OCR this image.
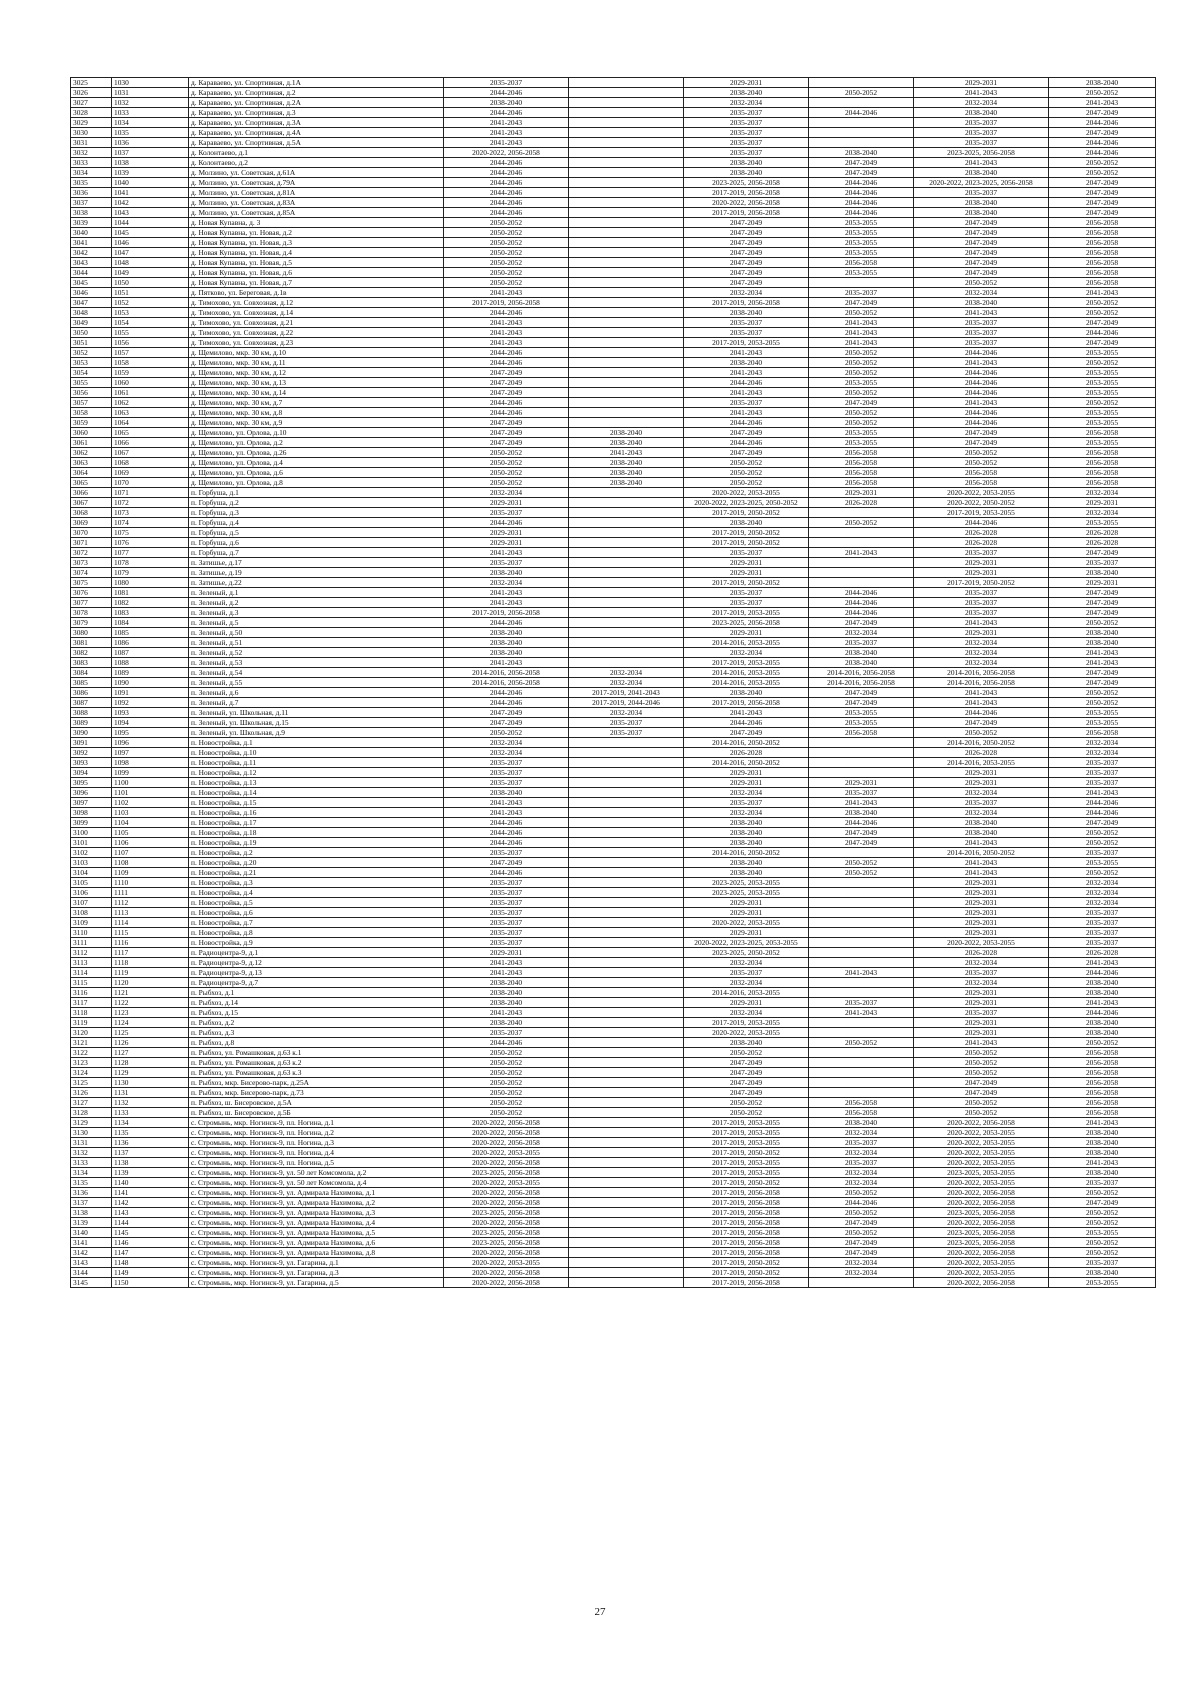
3025	1030	д. Караваево, ул. Спортивная, д.1А	2035-2037		2029-2031		2029-2031	2038-2040
3026	1031	д. Караваево, ул. Спортивная, д.2	2044-2046		2038-2040	2050-2052	2041-2043	2050-2052
3027	1032	д. Караваево, ул. Спортивная, д.2А	2038-2040		2032-2034		2032-2034	2041-2043
3028	1033	д. Караваево, ул. Спортивная, д.3	2044-2046		2035-2037	2044-2046	2038-2040	2047-2049
3029	1034	д. Караваево, ул. Спортивная, д.3А	2041-2043		2035-2037		2035-2037	2044-2046
3030	1035	д. Караваево, ул. Спортивная, д.4А	2041-2043		2035-2037		2035-2037	2047-2049
3031	1036	д. Караваево, ул. Спортивная, д.5А	2041-2043		2035-2037		2035-2037	2044-2046
3032	1037	д. Колонтаево, д.1	2020-2022, 2056-2058		2035-2037	2038-2040	2023-2025, 2056-2058	2044-2046
3033	1038	д. Колонтаево, д.2	2044-2046		2038-2040	2047-2049	2041-2043	2050-2052
3034	1039	д. Молзино, ул. Советская, д.61А	2044-2046		2038-2040	2047-2049	2038-2040	2050-2052
3035	1040	д. Молзино, ул. Советская, д.79А	2044-2046		2023-2025, 2056-2058	2044-2046	2020-2022, 2023-2025, 2056-2058	2047-2049
3036	1041	д. Молзино, ул. Советская, д.81А	2044-2046		2017-2019, 2056-2058	2044-2046	2035-2037	2047-2049
3037	1042	д. Молзино, ул. Советская, д.83А	2044-2046		2020-2022, 2056-2058	2044-2046	2038-2040	2047-2049
3038	1043	д. Молзино, ул. Советская, д.85А	2044-2046		2017-2019, 2056-2058	2044-2046	2038-2040	2047-2049
3039	1044	д. Новая Купавна, д. 3	2050-2052		2047-2049	2053-2055	2047-2049	2056-2058
3040	1045	д. Новая Купавна, ул. Новая, д.2	2050-2052		2047-2049	2053-2055	2047-2049	2056-2058
3041	1046	д. Новая Купавна, ул. Новая, д.3	2050-2052		2047-2049	2053-2055	2047-2049	2056-2058
3042	1047	д. Новая Купавна, ул. Новая, д.4	2050-2052		2047-2049	2053-2055	2047-2049	2056-2058
3043	1048	д. Новая Купавна, ул. Новая, д.5	2050-2052		2047-2049	2056-2058	2047-2049	2056-2058
3044	1049	д. Новая Купавна, ул. Новая, д.6	2050-2052		2047-2049	2053-2055	2047-2049	2056-2058
3045	1050	д. Новая Купавна, ул. Новая, д.7	2050-2052		2047-2049		2050-2052	2056-2058
3046	1051	д. Пятково, ул. Береговая, д.1в	2041-2043		2032-2034	2035-2037	2032-2034	2041-2043
3047	1052	д. Тимохово, ул. Совхозная, д.12	2017-2019, 2056-2058		2017-2019, 2056-2058	2047-2049	2038-2040	2050-2052
3048	1053	д. Тимохово, ул. Совхозная, д.14	2044-2046		2038-2040	2050-2052	2041-2043	2050-2052
3049	1054	д. Тимохово, ул. Совхозная, д.21	2041-2043		2035-2037	2041-2043	2035-2037	2047-2049
3050	1055	д. Тимохово, ул. Совхозная, д.22	2041-2043		2035-2037	2041-2043	2035-2037	2044-2046
3051	1056	д. Тимохово, ул. Совхозная, д.23	2041-2043		2017-2019, 2053-2055	2041-2043	2035-2037	2047-2049
3052	1057	д. Щемилово, мкр. 30 км, д.10	2044-2046		2041-2043	2050-2052	2044-2046	2053-2055
3053	1058	д. Щемилово, мкр. 30 км, д.11	2044-2046		2038-2040	2050-2052	2041-2043	2050-2052
3054	1059	д. Щемилово, мкр. 30 км, д.12	2047-2049		2041-2043	2050-2052	2044-2046	2053-2055
3055	1060	д. Щемилово, мкр. 30 км, д.13	2047-2049		2044-2046	2053-2055	2044-2046	2053-2055
3056	1061	д. Щемилово, мкр. 30 км, д.14	2047-2049		2041-2043	2050-2052	2044-2046	2053-2055
3057	1062	д. Щемилово, мкр. 30 км, д.7	2044-2046		2035-2037	2047-2049	2041-2043	2050-2052
3058	1063	д. Щемилово, мкр. 30 км, д.8	2044-2046		2041-2043	2050-2052	2044-2046	2053-2055
3059	1064	д. Щемилово, мкр. 30 км, д.9	2047-2049		2044-2046	2050-2052	2044-2046	2053-2055
3060	1065	д. Щемилово, ул. Орлова, д.10	2047-2049	2038-2040	2047-2049	2053-2055	2047-2049	2056-2058
3061	1066	д. Щемилово, ул. Орлова, д.2	2047-2049	2038-2040	2044-2046	2053-2055	2047-2049	2053-2055
3062	1067	д. Щемилово, ул. Орлова, д.26	2050-2052	2041-2043	2047-2049	2056-2058	2050-2052	2056-2058
3063	1068	д. Щемилово, ул. Орлова, д.4	2050-2052	2038-2040	2050-2052	2056-2058	2050-2052	2056-2058
3064	1069	д. Щемилово, ул. Орлова, д.6	2050-2052	2038-2040	2050-2052	2056-2058	2056-2058	2056-2058
3065	1070	д. Щемилово, ул. Орлова, д.8	2050-2052	2038-2040	2050-2052	2056-2058	2056-2058	2056-2058
3066	1071	п. Горбуша, д.1	2032-2034		2020-2022, 2053-2055	2029-2031	2020-2022, 2053-2055	2032-2034
3067	1072	п. Горбуша, д.2	2029-2031		2020-2022, 2023-2025, 2050-2052	2026-2028	2020-2022, 2050-2052	2029-2031
3068	1073	п. Горбуша, д.3	2035-2037		2017-2019, 2050-2052		2017-2019, 2053-2055	2032-2034
3069	1074	п. Горбуша, д.4	2044-2046		2038-2040	2050-2052	2044-2046	2053-2055
3070	1075	п. Горбуша, д.5	2029-2031		2017-2019, 2050-2052		2026-2028	2026-2028
3071	1076	п. Горбуша, д.6	2029-2031		2017-2019, 2050-2052		2026-2028	2026-2028
3072	1077	п. Горбуша, д.7	2041-2043		2035-2037	2041-2043	2035-2037	2047-2049
3073	1078	п. Затишье, д.17	2035-2037		2029-2031		2029-2031	2035-2037
3074	1079	п. Затишье, д.19	2038-2040		2029-2031		2029-2031	2038-2040
3075	1080	п. Затишье, д.22	2032-2034		2017-2019, 2050-2052		2017-2019, 2050-2052	2029-2031
3076	1081	п. Зеленый, д.1	2041-2043		2035-2037	2044-2046	2035-2037	2047-2049
3077	1082	п. Зеленый, д.2	2041-2043		2035-2037	2044-2046	2035-2037	2047-2049
3078	1083	п. Зеленый, д.3	2017-2019, 2056-2058		2017-2019, 2053-2055	2044-2046	2035-2037	2047-2049
3079	1084	п. Зеленый, д.5	2044-2046		2023-2025, 2056-2058	2047-2049	2041-2043	2050-2052
3080	1085	п. Зеленый, д.50	2038-2040		2029-2031	2032-2034	2029-2031	2038-2040
3081	1086	п. Зеленый, д.51	2038-2040		2014-2016, 2053-2055	2035-2037	2032-2034	2038-2040
3082	1087	п. Зеленый, д.52	2038-2040		2032-2034	2038-2040	2032-2034	2041-2043
3083	1088	п. Зеленый, д.53	2041-2043		2017-2019, 2053-2055	2038-2040	2032-2034	2041-2043
3084	1089	п. Зеленый, д.54	2014-2016, 2056-2058	2032-2034	2014-2016, 2053-2055	2014-2016, 2056-2058	2014-2016, 2056-2058	2047-2049
3085	1090	п. Зеленый, д.55	2014-2016, 2056-2058	2032-2034	2014-2016, 2053-2055	2014-2016, 2056-2058	2014-2016, 2056-2058	2047-2049
3086	1091	п. Зеленый, д.6	2044-2046	2017-2019, 2041-2043	2038-2040	2047-2049	2041-2043	2050-2052
3087	1092	п. Зеленый, д.7	2044-2046	2017-2019, 2044-2046	2017-2019, 2056-2058	2047-2049	2041-2043	2050-2052
3088	1093	п. Зеленый, ул. Школьная, д.11	2047-2049	2032-2034	2041-2043	2053-2055	2044-2046	2053-2055
3089	1094	п. Зеленый, ул. Школьная, д.15	2047-2049	2035-2037	2044-2046	2053-2055	2047-2049	2053-2055
3090	1095	п. Зеленый, ул. Школьная, д.9	2050-2052	2035-2037	2047-2049	2056-2058	2050-2052	2056-2058
3091	1096	п. Новостройка, д.1	2032-2034		2014-2016, 2050-2052		2014-2016, 2050-2052	2032-2034
3092	1097	п. Новостройка, д.10	2032-2034		2026-2028		2026-2028	2032-2034
3093	1098	п. Новостройка, д.11	2035-2037		2014-2016, 2050-2052		2014-2016, 2053-2055	2035-2037
3094	1099	п. Новостройка, д.12	2035-2037		2029-2031		2029-2031	2035-2037
3095	1100	п. Новостройка, д.13	2035-2037		2029-2031	2029-2031	2029-2031	2035-2037
3096	1101	п. Новостройка, д.14	2038-2040		2032-2034	2035-2037	2032-2034	2041-2043
3097	1102	п. Новостройка, д.15	2041-2043		2035-2037	2041-2043	2035-2037	2044-2046
3098	1103	п. Новостройка, д.16	2041-2043		2032-2034	2038-2040	2032-2034	2044-2046
3099	1104	п. Новостройка, д.17	2044-2046		2038-2040	2044-2046	2038-2040	2047-2049
3100	1105	п. Новостройка, д.18	2044-2046		2038-2040	2047-2049	2038-2040	2050-2052
3101	1106	п. Новостройка, д.19	2044-2046		2038-2040	2047-2049	2041-2043	2050-2052
3102	1107	п. Новостройка, д.2	2035-2037		2014-2016, 2050-2052		2014-2016, 2050-2052	2035-2037
3103	1108	п. Новостройка, д.20	2047-2049		2038-2040	2050-2052	2041-2043	2053-2055
3104	1109	п. Новостройка, д.21	2044-2046		2038-2040	2050-2052	2041-2043	2050-2052
3105	1110	п. Новостройка, д.3	2035-2037		2023-2025, 2053-2055		2029-2031	2032-2034
3106	1111	п. Новостройка, д.4	2035-2037		2023-2025, 2053-2055		2029-2031	2032-2034
3107	1112	п. Новостройка, д.5	2035-2037		2029-2031		2029-2031	2032-2034
3108	1113	п. Новостройка, д.6	2035-2037		2029-2031		2029-2031	2035-2037
3109	1114	п. Новостройка, д.7	2035-2037		2020-2022, 2053-2055		2029-2031	2035-2037
3110	1115	п. Новостройка, д.8	2035-2037		2029-2031		2029-2031	2035-2037
3111	1116	п. Новостройка, д.9	2035-2037		2020-2022, 2023-2025, 2053-2055		2020-2022, 2053-2055	2035-2037
3112	1117	п. Радиоцентра-9, д.1	2029-2031		2023-2025, 2050-2052		2026-2028	2026-2028
3113	1118	п. Радиоцентра-9, д.12	2041-2043		2032-2034		2032-2034	2041-2043
3114	1119	п. Радиоцентра-9, д.13	2041-2043		2035-2037	2041-2043	2035-2037	2044-2046
3115	1120	п. Радиоцентра-9, д.7	2038-2040		2032-2034		2032-2034	2038-2040
3116	1121	п. Рыбхоз, д.1	2038-2040		2014-2016, 2053-2055		2029-2031	2038-2040
3117	1122	п. Рыбхоз, д.14	2038-2040		2029-2031	2035-2037	2029-2031	2041-2043
3118	1123	п. Рыбхоз, д.15	2041-2043		2032-2034	2041-2043	2035-2037	2044-2046
3119	1124	п. Рыбхоз, д.2	2038-2040		2017-2019, 2053-2055		2029-2031	2038-2040
3120	1125	п. Рыбхоз, д.3	2035-2037		2020-2022, 2053-2055		2029-2031	2038-2040
3121	1126	п. Рыбхоз, д.8	2044-2046		2038-2040	2050-2052	2041-2043	2050-2052
3122	1127	п. Рыбхоз, ул. Ромашковая, д.63 к.1	2050-2052		2050-2052		2050-2052	2056-2058
3123	1128	п. Рыбхоз, ул. Ромашковая, д.63 к.2	2050-2052		2047-2049		2050-2052	2056-2058
3124	1129	п. Рыбхоз, ул. Ромашковая, д.63 к.3	2050-2052		2047-2049		2050-2052	2056-2058
3125	1130	п. Рыбхоз, мкр. Бисерово-парк, д.25А	2050-2052		2047-2049		2047-2049	2056-2058
3126	1131	п. Рыбхоз, мкр. Бисерово-парк, д.73	2050-2052		2047-2049		2047-2049	2056-2058
3127	1132	п. Рыбхоз, ш. Бисеровское, д.5А	2050-2052		2050-2052	2056-2058	2050-2052	2056-2058
3128	1133	п. Рыбхоз, ш. Бисеровское, д.5Б	2050-2052		2050-2052	2056-2058	2050-2052	2056-2058
3129	1134	с. Стромынь, мкр. Ногинск-9, пл. Ногина, д.1	2020-2022, 2056-2058		2017-2019, 2053-2055	2038-2040	2020-2022, 2056-2058	2041-2043
3130	1135	с. Стромынь, мкр. Ногинск-9, пл. Ногина, д.2	2020-2022, 2056-2058		2017-2019, 2053-2055	2032-2034	2020-2022, 2053-2055	2038-2040
3131	1136	с. Стромынь, мкр. Ногинск-9, пл. Ногина, д.3	2020-2022, 2056-2058		2017-2019, 2053-2055	2035-2037	2020-2022, 2053-2055	2038-2040
3132	1137	с. Стромынь, мкр. Ногинск-9, пл. Ногина, д.4	2020-2022, 2053-2055		2017-2019, 2050-2052	2032-2034	2020-2022, 2053-2055	2038-2040
3133	1138	с. Стромынь, мкр. Ногинск-9, пл. Ногина, д.5	2020-2022, 2056-2058		2017-2019, 2053-2055	2035-2037	2020-2022, 2053-2055	2041-2043
3134	1139	с. Стромынь, мкр. Ногинск-9, ул. 50 лет Комсомола, д.2	2023-2025, 2056-2058		2017-2019, 2053-2055	2032-2034	2023-2025, 2053-2055	2038-2040
3135	1140	с. Стромынь, мкр. Ногинск-9, ул. 50 лет Комсомола, д.4	2020-2022, 2053-2055		2017-2019, 2050-2052	2032-2034	2020-2022, 2053-2055	2035-2037
3136	1141	с. Стромынь, мкр. Ногинск-9, ул. Адмирала Нахимова, д.1	2020-2022, 2056-2058		2017-2019, 2056-2058	2050-2052	2020-2022, 2056-2058	2050-2052
3137	1142	с. Стромынь, мкр. Ногинск-9, ул. Адмирала Нахимова, д.2	2020-2022, 2056-2058		2017-2019, 2056-2058	2044-2046	2020-2022, 2056-2058	2047-2049
3138	1143	с. Стромынь, мкр. Ногинск-9, ул. Адмирала Нахимова, д.3	2023-2025, 2056-2058		2017-2019, 2056-2058	2050-2052	2023-2025, 2056-2058	2050-2052
3139	1144	с. Стромынь, мкр. Ногинск-9, ул. Адмирала Нахимова, д.4	2020-2022, 2056-2058		2017-2019, 2056-2058	2047-2049	2020-2022, 2056-2058	2050-2052
3140	1145	с. Стромынь, мкр. Ногинск-9, ул. Адмирала Нахимова, д.5	2023-2025, 2056-2058		2017-2019, 2056-2058	2050-2052	2023-2025, 2056-2058	2053-2055
3141	1146	с. Стромынь, мкр. Ногинск-9, ул. Адмирала Нахимова, д.6	2023-2025, 2056-2058		2017-2019, 2056-2058	2047-2049	2023-2025, 2056-2058	2050-2052
3142	1147	с. Стромынь, мкр. Ногинск-9, ул. Адмирала Нахимова, д.8	2020-2022, 2056-2058		2017-2019, 2056-2058	2047-2049	2020-2022, 2056-2058	2050-2052
3143	1148	с. Стромынь, мкр. Ногинск-9, ул. Гагарина, д.1	2020-2022, 2053-2055		2017-2019, 2050-2052	2032-2034	2020-2022, 2053-2055	2035-2037
3144	1149	с. Стромынь, мкр. Ногинск-9, ул. Гагарина, д.3	2020-2022, 2056-2058		2017-2019, 2050-2052	2032-2034	2020-2022, 2053-2055	2038-2040
3145	1150	с. Стромынь, мкр. Ногинск-9, ул. Гагарина, д.5	2020-2022, 2056-2058		2017-2019, 2056-2058		2020-2022, 2056-2058	2053-2055
27
